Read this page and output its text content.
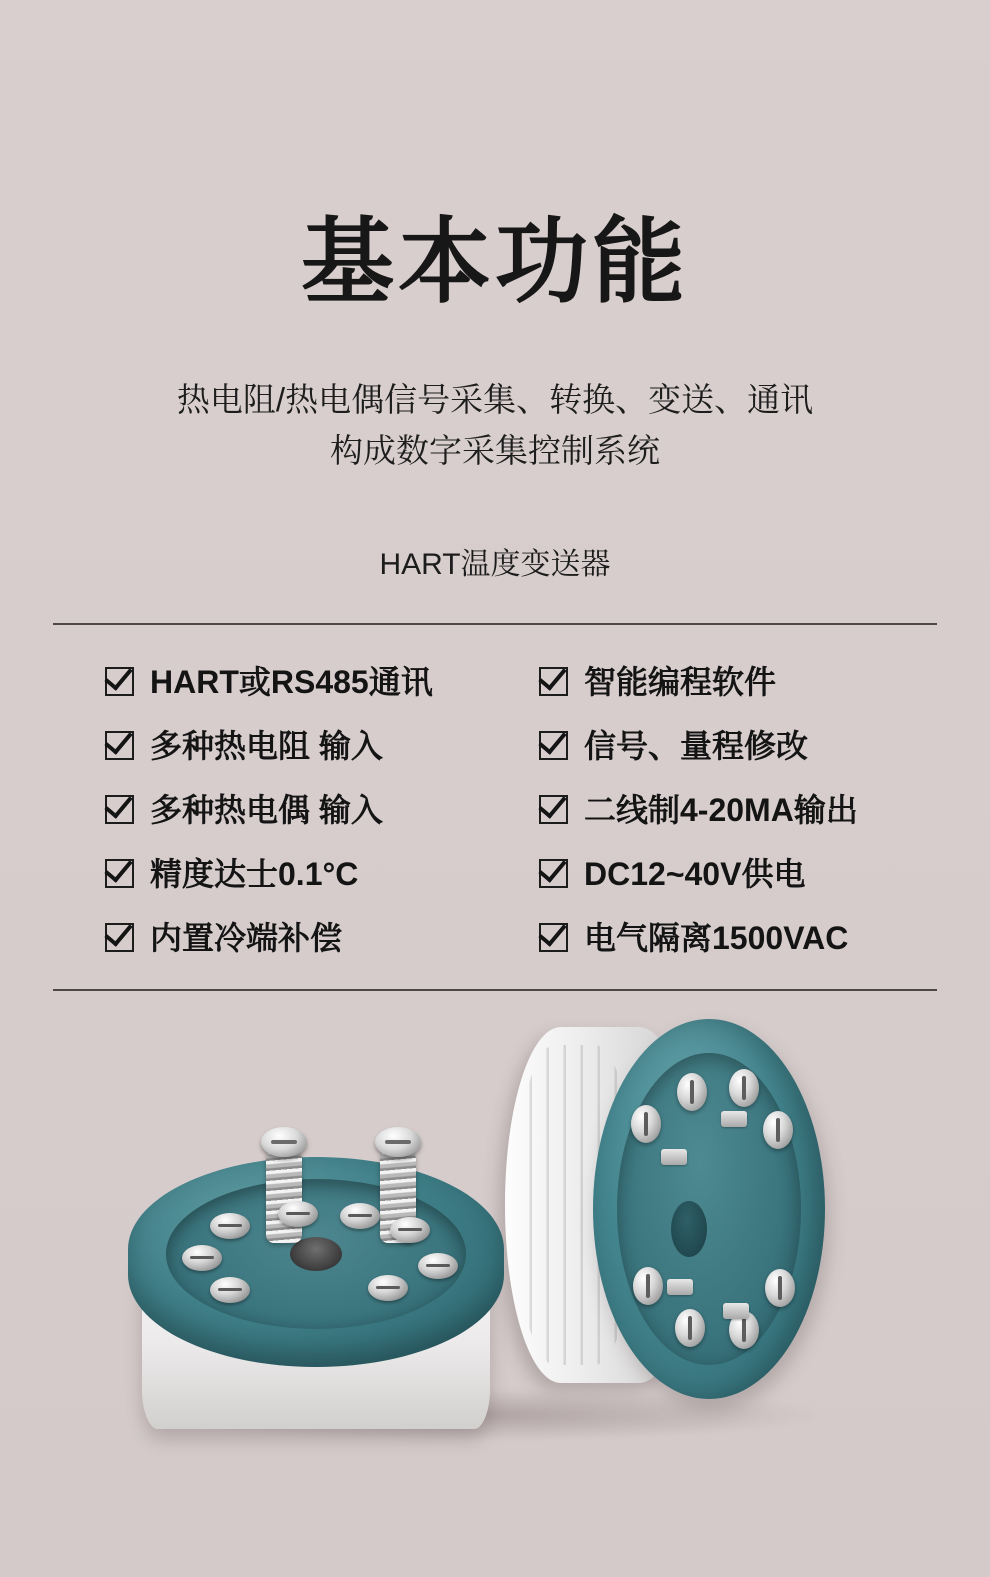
基本功能
热电阻/热电偶信号采集、转换、变送、通讯
构成数字采集控制系统
HART温度变送器
HART或RS485通讯	智能编程软件
多种热电阻 输入	信号、量程修改
多种热电偶 输入	二线制4-20MA输出
精度达士0.1°C	DC12~40V供电
内置冷端补偿	电气隔离1500VAC
